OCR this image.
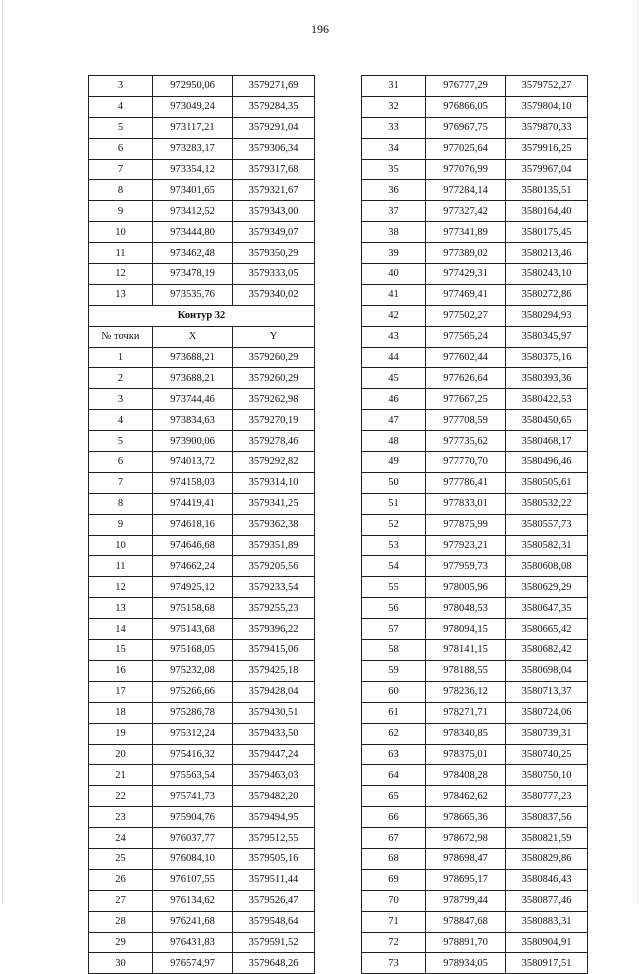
196
3	972950,06	3579271,69
4	973049,24	3579284,35
5	973117,21	3579291,04
6	973283,17	3579306,34
7	973354,12	3579317,68
8	973401,65	3579321,67
9	973412,52	3579343,00
10	973444,80	3579349,07
11	973462,48	3579350,29
12	973478,19	3579333,05
13	973535,76	3579340,02
Контур 32		
№ точки	X	Y
1	973688,21	3579260,29
2	973688,21	3579260,29
3	973744,46	3579262,98
4	973834,63	3579270,19
5	973900,06	3579278,46
6	974013,72	3579292,82
7	974158,03	3579314,10
8	974419,41	3579341,25
9	974618,16	3579362,38
10	974646,68	3579351,89
11	974662,24	3579205,56
12	974925,12	3579233,54
13	975158,68	3579255,23
14	975143,68	3579396,22
15	975168,05	3579415,06
16	975232,08	3579425,18
17	975266,66	3579428,04
18	975286,78	3579430,51
19	975312,24	3579433,50
20	975416,32	3579447,24
21	975563,54	3579463,03
22	975741,73	3579482,20
23	975904,76	3579494,95
24	976037,77	3579512,55
25	976084,10	3579505,16
26	976107,55	3579511,44
27	976134,62	3579526,47
28	976241,68	3579548,64
29	976431,83	3579591,52
30	976574,97	3579648,26
31	976777,29	3579752,27
32	976866,05	3579804,10
33	976967,75	3579870,33
34	977025,64	3579916,25
35	977076,99	3579967,04
36	977284,14	3580135,51
37	977327,42	3580164,40
38	977341,89	3580175,45
39	977389,02	3580213,46
40	977429,31	3580243,10
41	977469,41	3580272,86
42	977502,27	3580294,93
43	977565,24	3580345,97
44	977602,44	3580375,16
45	977626,64	3580393,36
46	977667,25	3580422,53
47	977708,59	3580450,65
48	977735,62	3580468,17
49	977770,70	3580496,46
50	977786,41	3580505,61
51	977833,01	3580532,22
52	977875,99	3580557,73
53	977923,21	3580582,31
54	977959,73	3580608,08
55	978005,96	3580629,29
56	978048,53	3580647,35
57	978094,15	3580665,42
58	978141,15	3580682,42
59	978188,55	3580698,04
60	978236,12	3580713,37
61	978271,71	3580724,06
62	978340,85	3580739,31
63	978375,01	3580740,25
64	978408,28	3580750,10
65	978462,62	3580777,23
66	978665,36	3580837,56
67	978672,98	3580821,59
68	978698,47	3580829,86
69	978695,17	3580846,43
70	978799,44	3580877,46
71	978847,68	3580883,31
72	978891,70	3580904,91
73	978934,05	3580917,51
